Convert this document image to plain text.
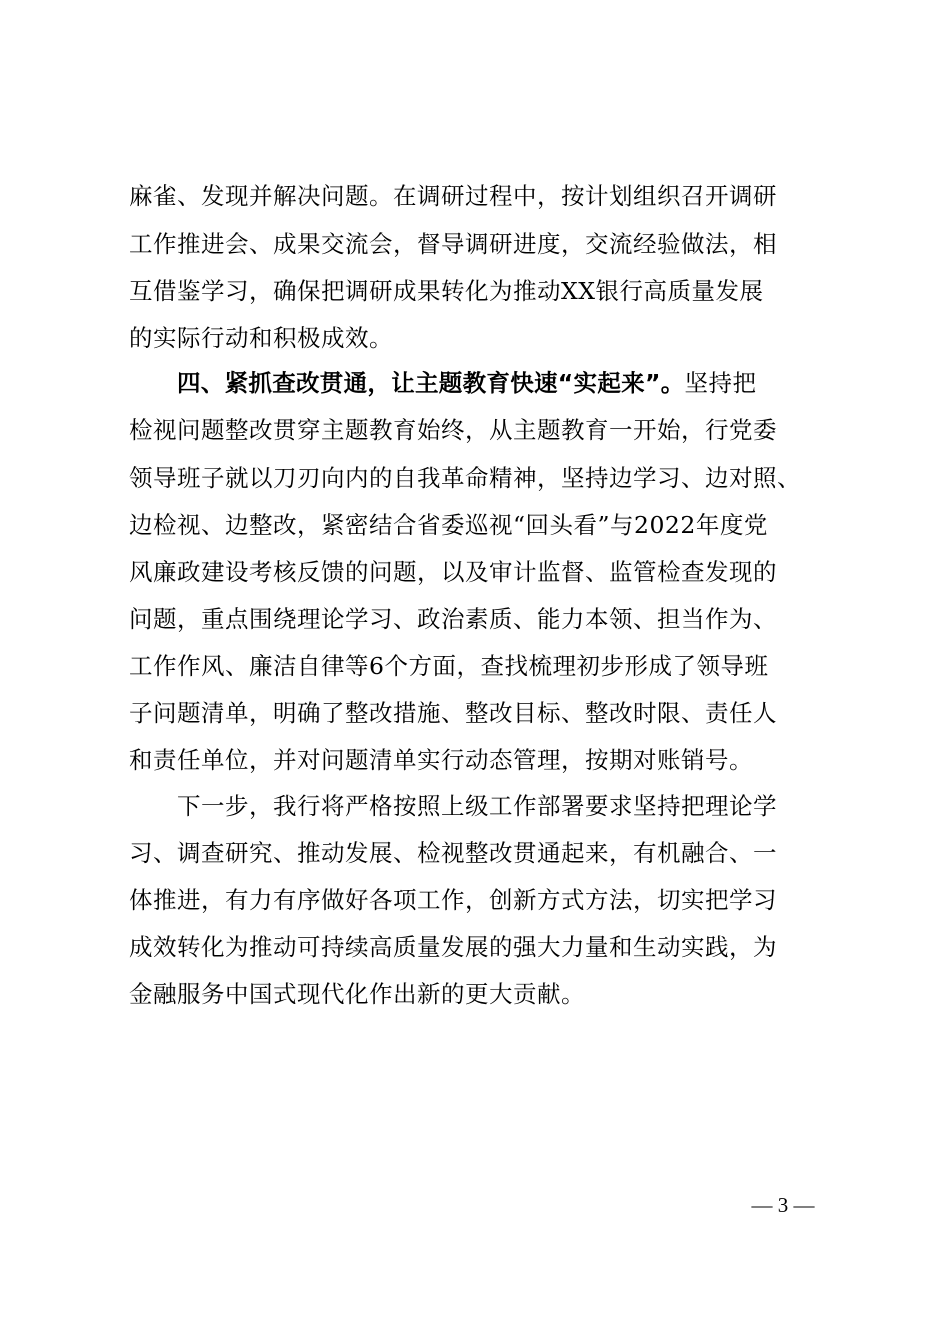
麻雀、发现并解决问题。在调研过程中，按计划组织召开调研
工作推进会、成果交流会，督导调研进度，交流经验做法，相
互借鉴学习，确保把调研成果转化为推动XX银行高质量发展
的实际行动和积极成效。
四、紧抓查改贯通，让主题教育快速“实起来”。坚持把
检视问题整改贯穿主题教育始终，从主题教育一开始，行党委
领导班子就以刀刃向内的自我革命精神，坚持边学习、边对照、
边检视、边整改，紧密结合省委巡视“回头看”与2022年度党
风廉政建设考核反馈的问题，以及审计监督、监管检查发现的
问题，重点围绕理论学习、政治素质、能力本领、担当作为、
工作作风、廉洁自律等6个方面，查找梳理初步形成了领导班
子问题清单，明确了整改措施、整改目标、整改时限、责任人
和责任单位，并对问题清单实行动态管理，按期对账销号。
下一步，我行将严格按照上级工作部署要求坚持把理论学
习、调查研究、推动发展、检视整改贯通起来，有机融合、一
体推进，有力有序做好各项工作，创新方式方法，切实把学习
成效转化为推动可持续高质量发展的强大力量和生动实践，为
金融服务中国式现代化作出新的更大贡献。
— 3 —
